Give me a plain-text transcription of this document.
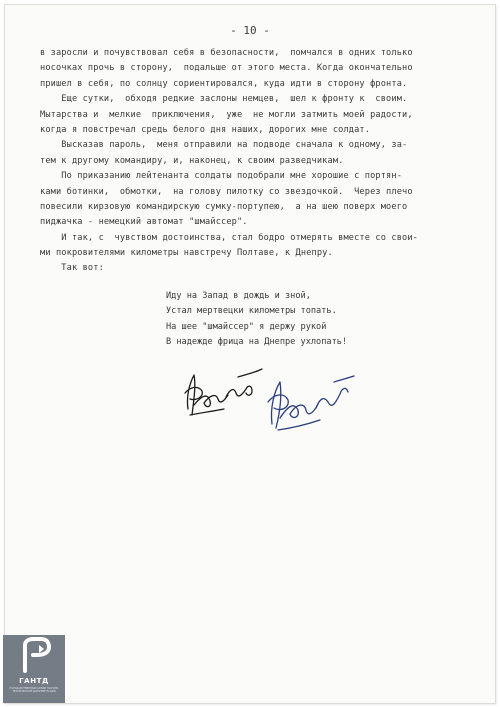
- 10 -
в заросли и почувствовал себя в безопасности,  помчался в одних только
носочках прочь в сторону,  подальше от этого места. Когда окончательно
пришел в себя, по солнцу сориентировался, куда идти в сторону фронта.
Еще сутки,  обходя редкие заслоны немцев,  шел к фронту к  своим.
Мытарства и  мелкие  приключения,  уже  не могли затмить моей радости,
когда я повстречал средь белого дня наших, дорогих мне солдат.
Высказав пароль,  меня отправили на подводе сначала к одному, за-
тем к другому командиру, и, наконец, к своим разведчикам.
По приказанию лейтенанта солдаты подобрали мне хорошие с портян-
ками ботинки,  обмотки,  на голову пилотку со звездочкой.  Через плечо
повесили кирзовую командирскую сумку-портупею,  а на шею поверх моего
пиджачка - немецкий автомат "шмайссер".
И так, с  чувством достоинства, стал бодро отмерять вместе со свои-
ми покровителями километры навстречу Полтаве, к Днепру.
Так вот:
Иду на Запад в дождь и зной,
Устал мертвецки километры топать.
На шее "шмайссер" я держу рукой
В надежде фрица на Днепре ухлопать!
ГАНТД
ГОСУДАРСТВЕННЫЙ АРХИВ НАУЧНО-ТЕХНИЧЕСКОЙ ДОКУМЕНТАЦИИ
